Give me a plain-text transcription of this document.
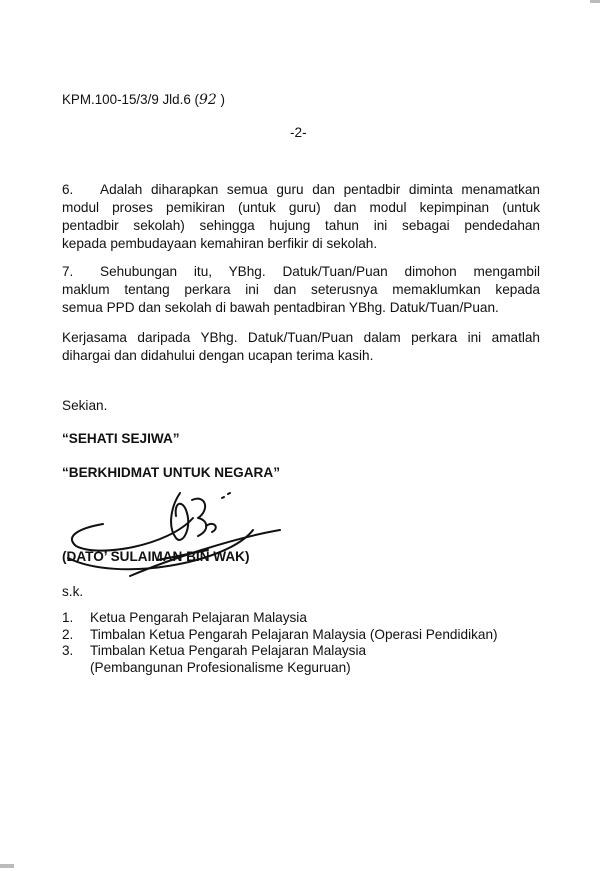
KPM.100-15/3/9 Jld.6 (92 )
-2-
6. Adalah diharapkan semua guru dan pentadbir diminta menamatkan
modul proses pemikiran (untuk guru) dan modul kepimpinan (untuk
pentadbir sekolah) sehingga hujung tahun ini sebagai pendedahan
kepada pembudayaan kemahiran berfikir di sekolah.
7. Sehubungan itu, YBhg. Datuk/Tuan/Puan dimohon mengambil
maklum tentang perkara ini dan seterusnya memaklumkan kepada
semua PPD dan sekolah di bawah pentadbiran YBhg. Datuk/Tuan/Puan.
Kerjasama daripada YBhg. Datuk/Tuan/Puan dalam perkara ini amatlah
dihargai dan didahului dengan ucapan terima kasih.
Sekian.
“SEHATI SEJIWA”
“BERKHIDMAT UNTUK NEGARA”
(DATO’ SULAIMAN BIN WAK)
s.k.
1.	Ketua Pengarah Pelajaran Malaysia
2.	Timbalan Ketua Pengarah Pelajaran Malaysia (Operasi Pendidikan)
3.	Timbalan Ketua Pengarah Pelajaran Malaysia
(Pembangunan Profesionalisme Keguruan)
